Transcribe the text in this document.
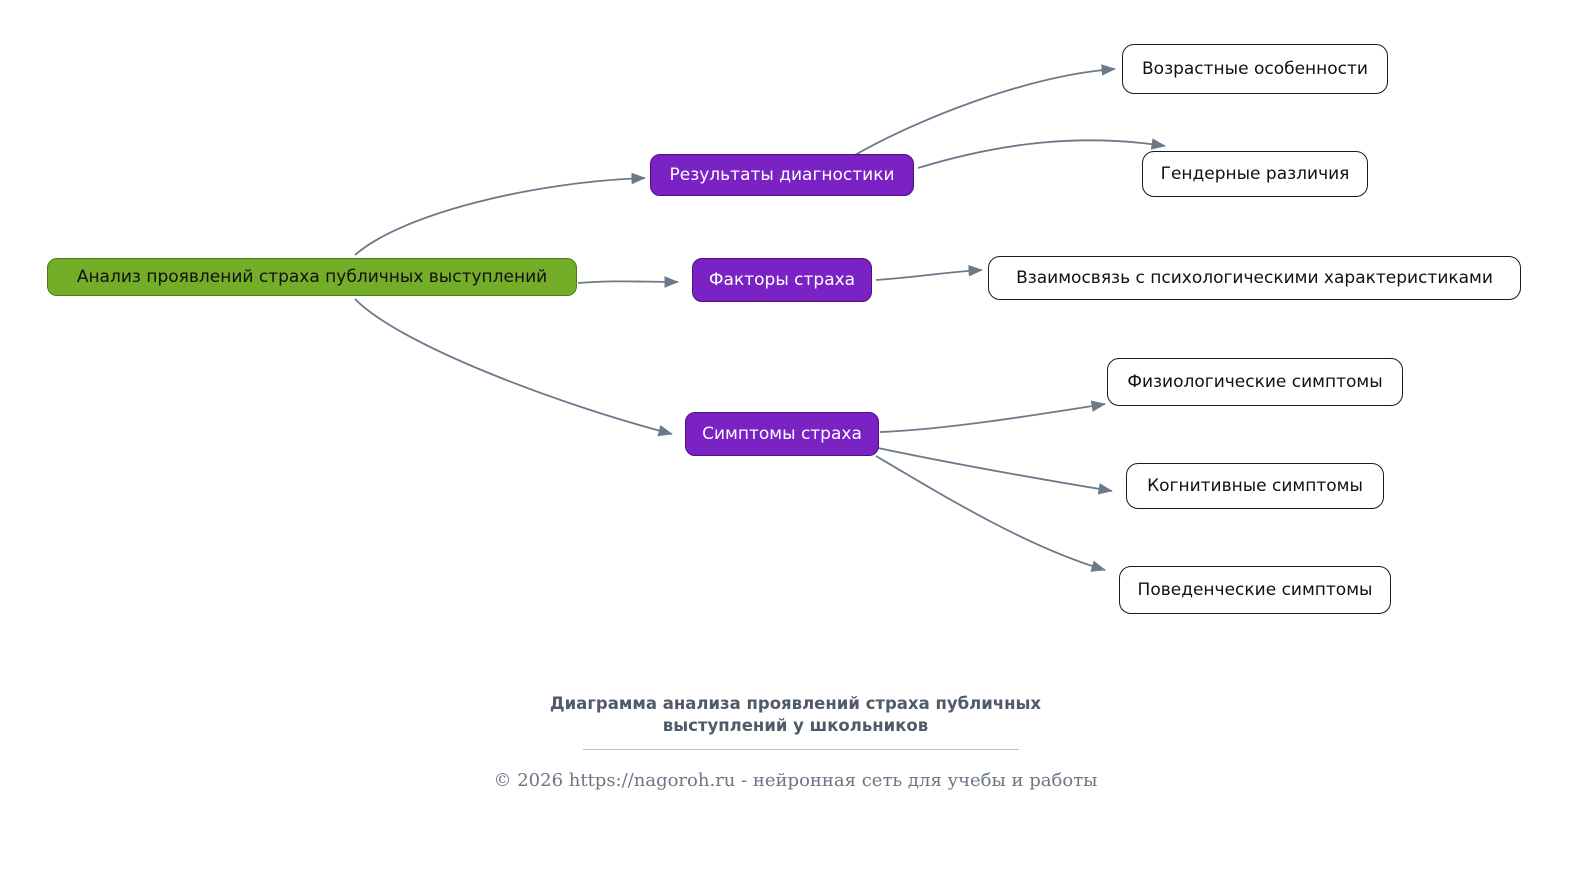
Анализ проявлений страха публичных выступлений
Результаты диагностики
Факторы страха
Симптомы страха
Возрастные особенности
Гендерные различия
Взаимосвязь с психологическими характеристиками
Физиологические симптомы
Когнитивные симптомы
Поведенческие симптомы
Диаграмма анализа проявлений страха публичных
выступлений у школьников
© 2026 https://nagoroh.ru - нейронная сеть для учебы и работы
